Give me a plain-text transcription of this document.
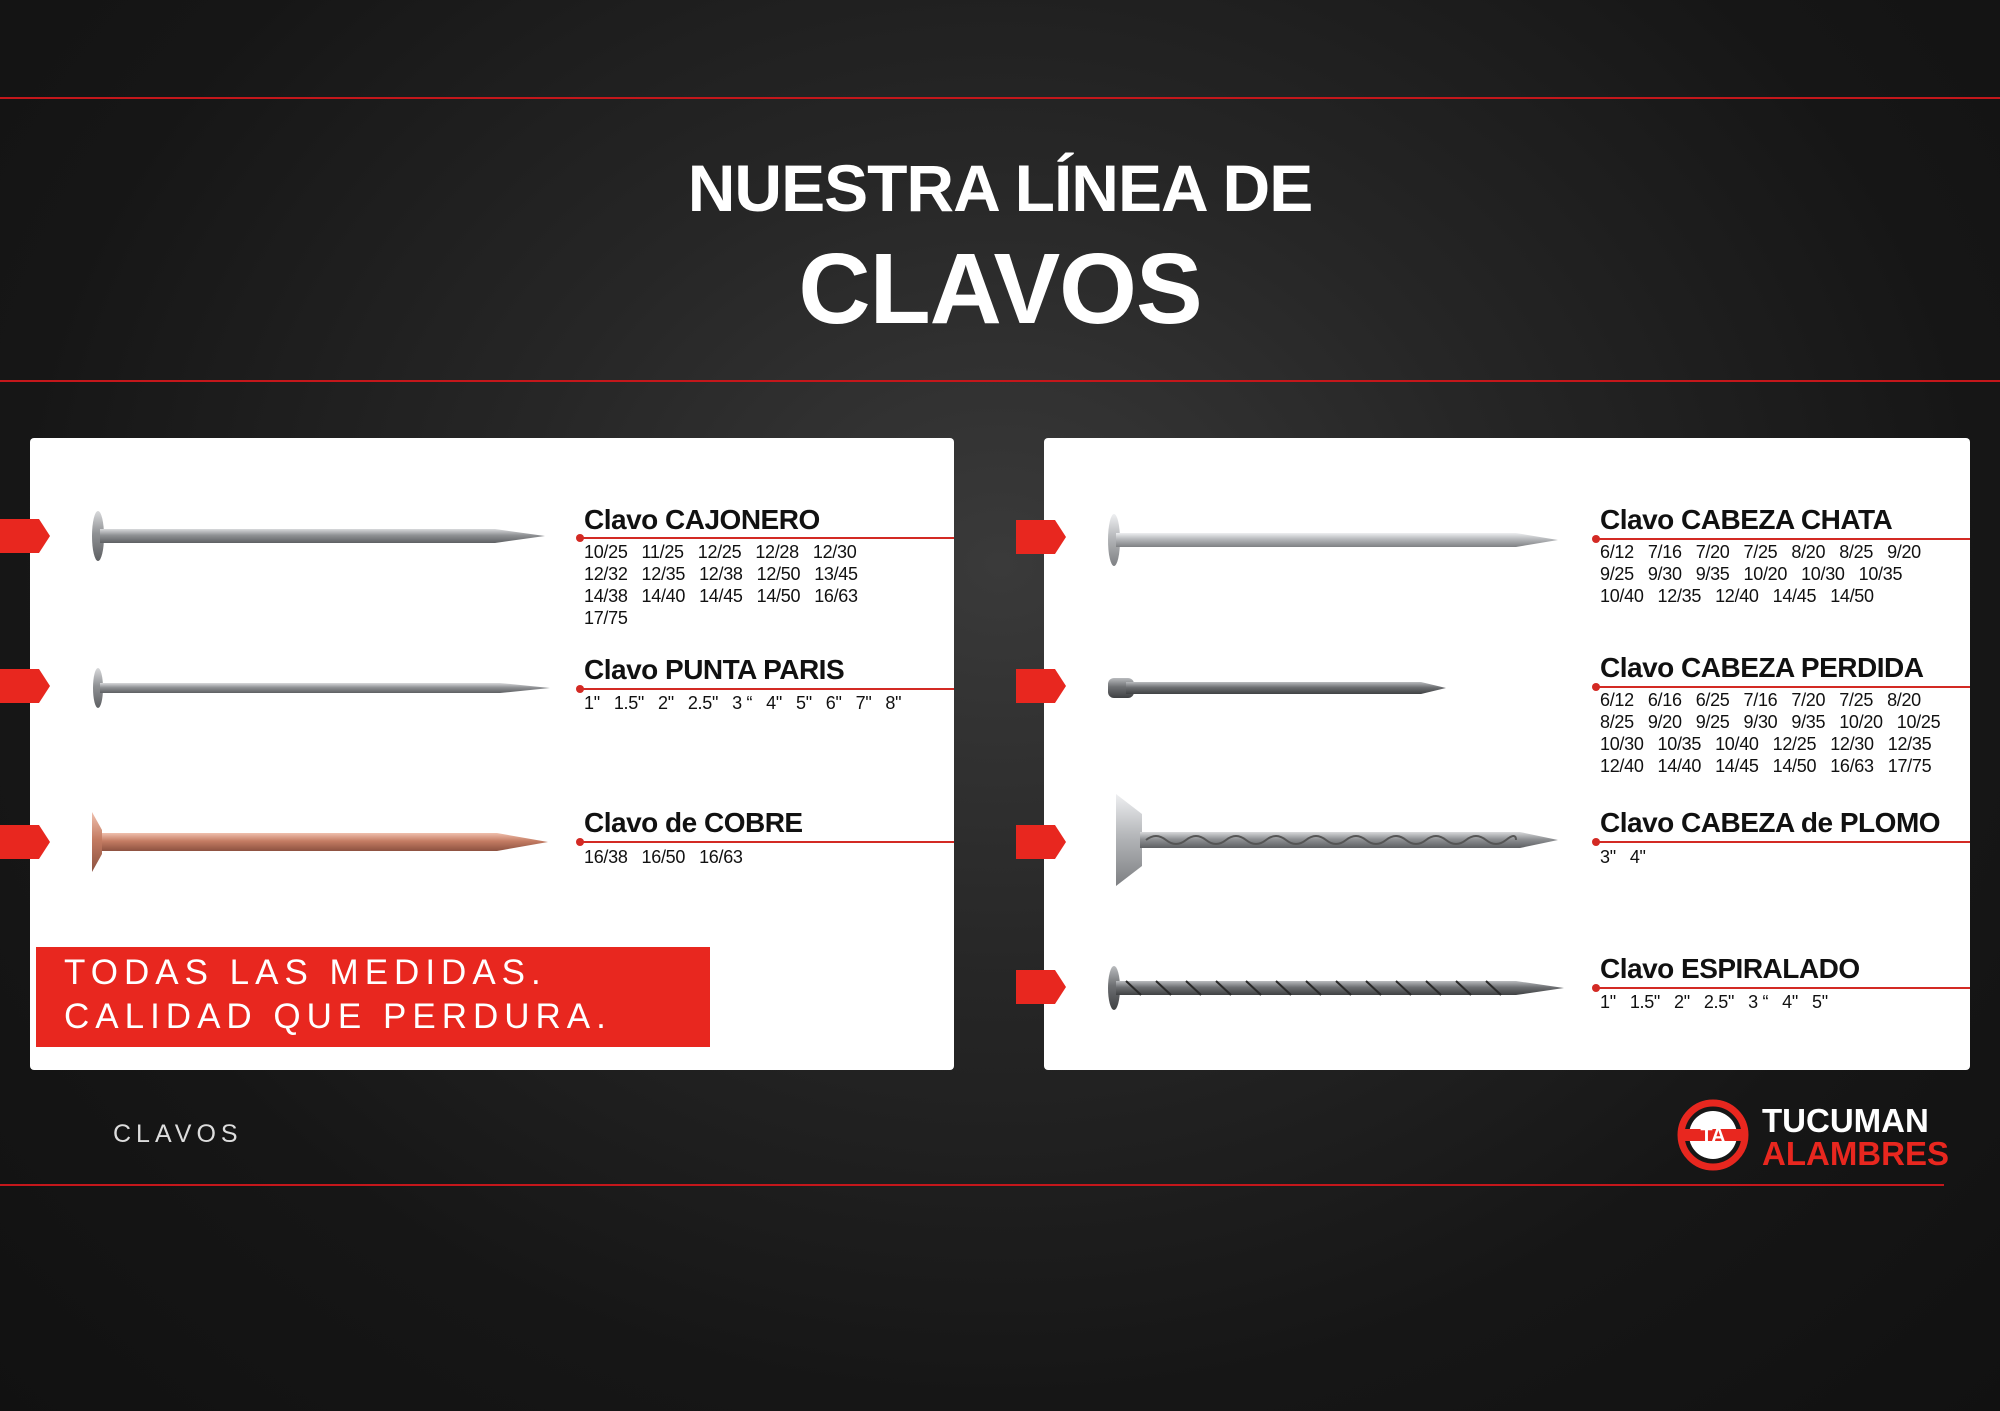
NUESTRA LÍNEA DE
CLAVOS
Clavo CAJONERO
10/25 11/25 12/25 12/28 12/3012/32 12/35 12/38 12/50 13/4514/38 14/40 14/45 14/50 16/6317/75
Clavo PUNTA PARIS
1" 1.5" 2" 2.5" 3 “ 4" 5" 6" 7" 8"
Clavo de COBRE
16/38 16/50 16/63
TODAS LAS MEDIDAS.
CALIDAD QUE PERDURA.
Clavo CABEZA CHATA
6/12 7/16 7/20 7/25 8/20 8/25 9/209/25 9/30 9/35 10/20 10/30 10/3510/40 12/35 12/40 14/45 14/50
Clavo CABEZA PERDIDA
6/12 6/16 6/25 7/16 7/20 7/25 8/208/25 9/20 9/25 9/30 9/35 10/20 10/2510/30 10/35 10/40 12/25 12/30 12/3512/40 14/40 14/45 14/50 16/63 17/75
Clavo CABEZA de PLOMO
3" 4"
Clavo ESPIRALADO
1" 1.5" 2" 2.5" 3 “ 4" 5"
CLAVOS	TA TUCUMAN
ALAMBRES
